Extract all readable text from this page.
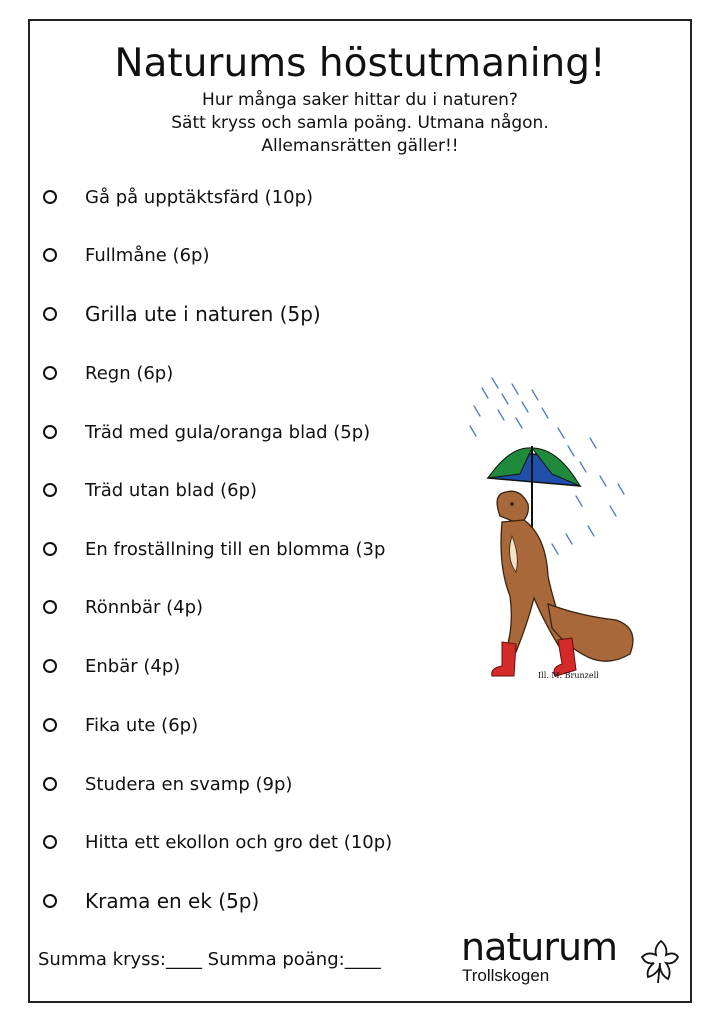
Naturums höstutmaning!
Hur många saker hittar du i naturen?
Sätt kryss och samla poäng. Utmana någon.
Allemansrätten gäller!!
Gå på upptäktsfärd (10p)
Fullmåne (6p)
Grilla ute i naturen (5p)
Regn (6p)
Träd med gula/oranga blad (5p)
Träd utan blad (6p)
En froställning till en blomma (3p
Rönnbär (4p)
Enbär (4p)
Fika ute (6p)
Studera en svamp (9p)
Hitta ett ekollon och gro det (10p)
Krama en ek (5p)
Ill. M. Brunzell
Summa kryss:____ Summa poäng:____ naturum
Trollskogen
